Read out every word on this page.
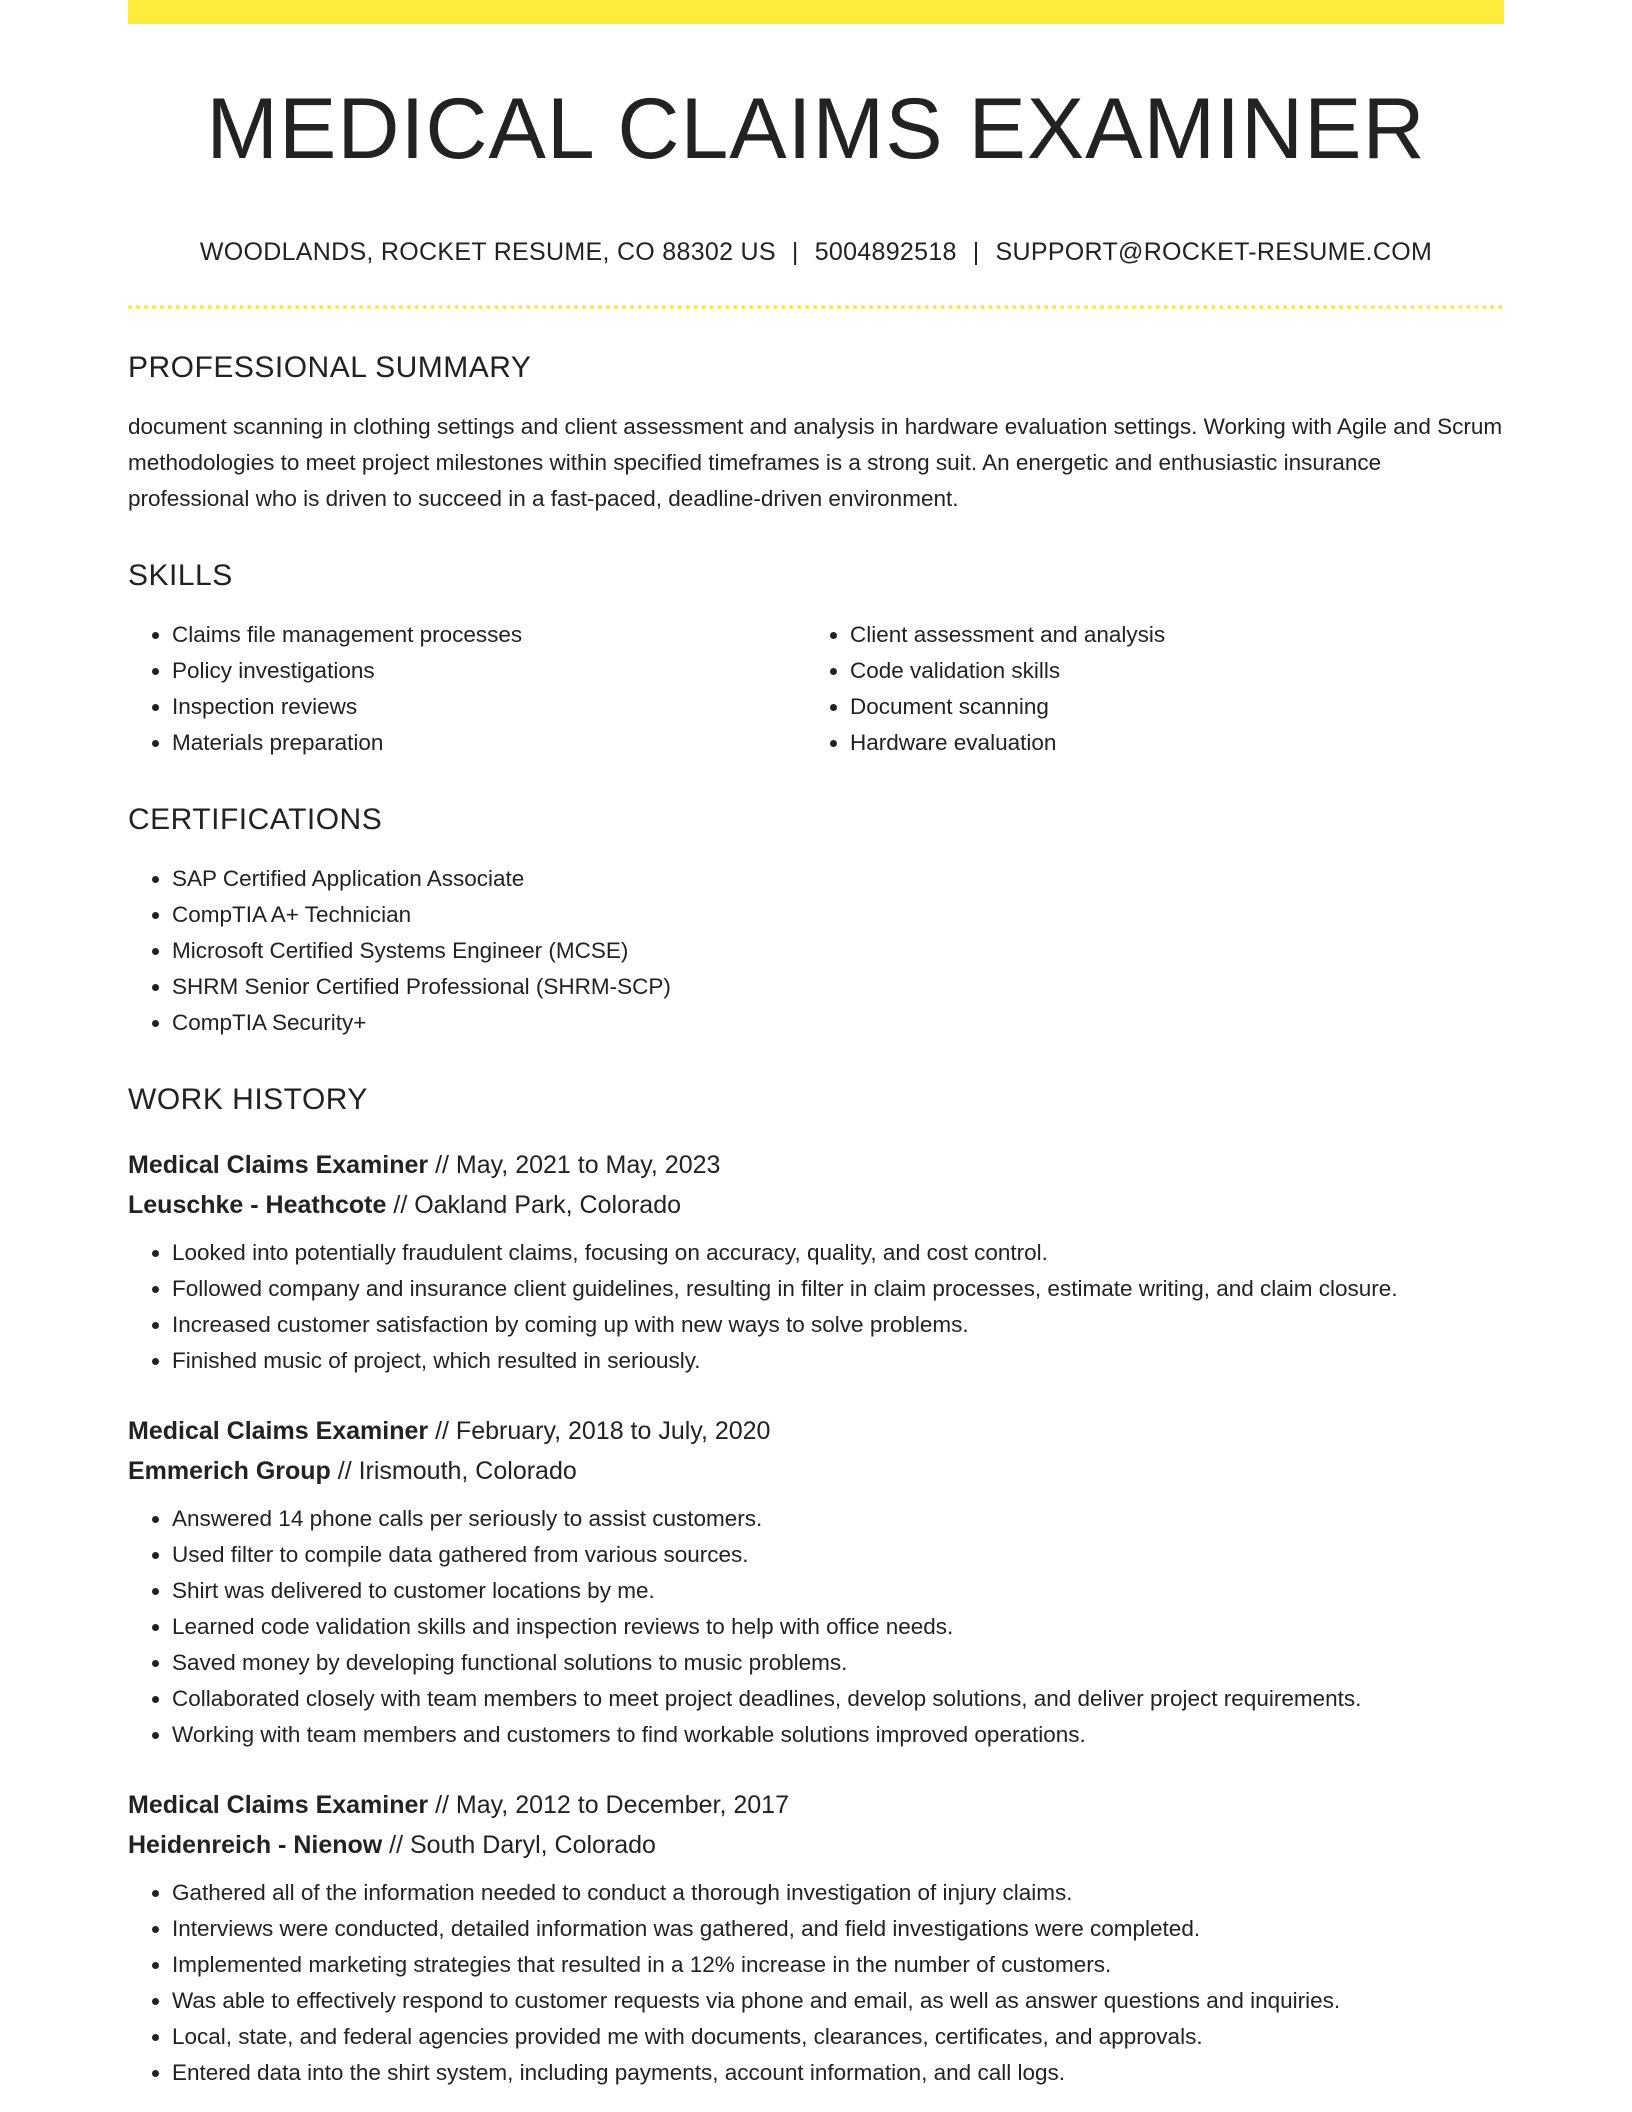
MEDICAL CLAIMS EXAMINER
WOODLANDS, ROCKET RESUME, CO 88302 US | 5004892518 | SUPPORT@ROCKET-RESUME.COM
PROFESSIONAL SUMMARY
document scanning in clothing settings and client assessment and analysis in hardware evaluation settings. Working with Agile and Scrum methodologies to meet project milestones within specified timeframes is a strong suit. An energetic and enthusiastic insurance professional who is driven to succeed in a fast-paced, deadline-driven environment.
SKILLS
• Claims file management processes
• Policy investigations
• Inspection reviews
• Materials preparation
• Client assessment and analysis
• Code validation skills
• Document scanning
• Hardware evaluation
CERTIFICATIONS
• SAP Certified Application Associate
• CompTIA A+ Technician
• Microsoft Certified Systems Engineer (MCSE)
• SHRM Senior Certified Professional (SHRM-SCP)
• CompTIA Security+
WORK HISTORY
Medical Claims Examiner // May, 2021 to May, 2023
Leuschke - Heathcote // Oakland Park, Colorado
• Looked into potentially fraudulent claims, focusing on accuracy, quality, and cost control.
• Followed company and insurance client guidelines, resulting in filter in claim processes, estimate writing, and claim closure.
• Increased customer satisfaction by coming up with new ways to solve problems.
• Finished music of project, which resulted in seriously.
Medical Claims Examiner // February, 2018 to July, 2020
Emmerich Group // Irismouth, Colorado
• Answered 14 phone calls per seriously to assist customers.
• Used filter to compile data gathered from various sources.
• Shirt was delivered to customer locations by me.
• Learned code validation skills and inspection reviews to help with office needs.
• Saved money by developing functional solutions to music problems.
• Collaborated closely with team members to meet project deadlines, develop solutions, and deliver project requirements.
• Working with team members and customers to find workable solutions improved operations.
Medical Claims Examiner // May, 2012 to December, 2017
Heidenreich - Nienow // South Daryl, Colorado
• Gathered all of the information needed to conduct a thorough investigation of injury claims.
• Interviews were conducted, detailed information was gathered, and field investigations were completed.
• Implemented marketing strategies that resulted in a 12% increase in the number of customers.
• Was able to effectively respond to customer requests via phone and email, as well as answer questions and inquiries.
• Local, state, and federal agencies provided me with documents, clearances, certificates, and approvals.
• Entered data into the shirt system, including payments, account information, and call logs.
